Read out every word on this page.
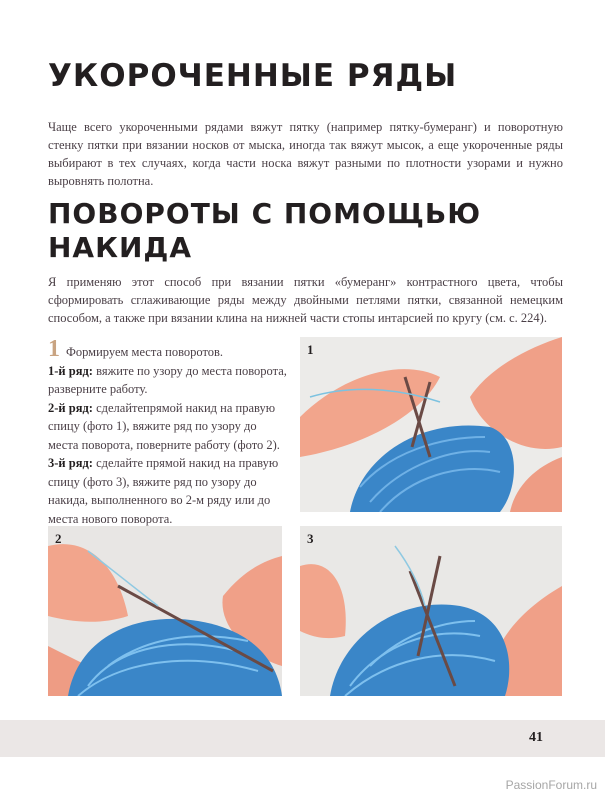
УКОРОЧЕННЫЕ РЯДЫ

Чаще всего укороченными рядами вяжут пятку (например пятку-бумеранг) и поворотную стенку пятки при вязании носков от мыска, иногда так вяжут мысок, а еще укороченные ряды выбирают в тех случаях, когда части носка вяжут разными по плотности узорами и нужно выровнять полотна.

ПОВОРОТЫ С ПОМОЩЬЮ
НАКИДА

Я применяю этот способ при вязании пятки «бумеранг» контрастного цвета, чтобы сформировать сглаживающие ряды между двойными петлями пятки, связанной немецким способом, а также при вязании клина на нижней части стопы интарсией по кругу (см. с. 224).

1 Формируем места поворотов.
1-й ряд: вяжите по узору до места поворота, разверните работу.
2-й ряд: сделайтепрямой накид на правую спицу (фото 1), вяжите ряд по узору до места поворота, поверните работу (фото 2).
3-й ряд: сделайте прямой накид на правую спицу (фото 3), вяжите ряд по узору до накида, выполненного во 2-м ряду или до места нового поворота.
1
2	3
41
PassionForum.ru
